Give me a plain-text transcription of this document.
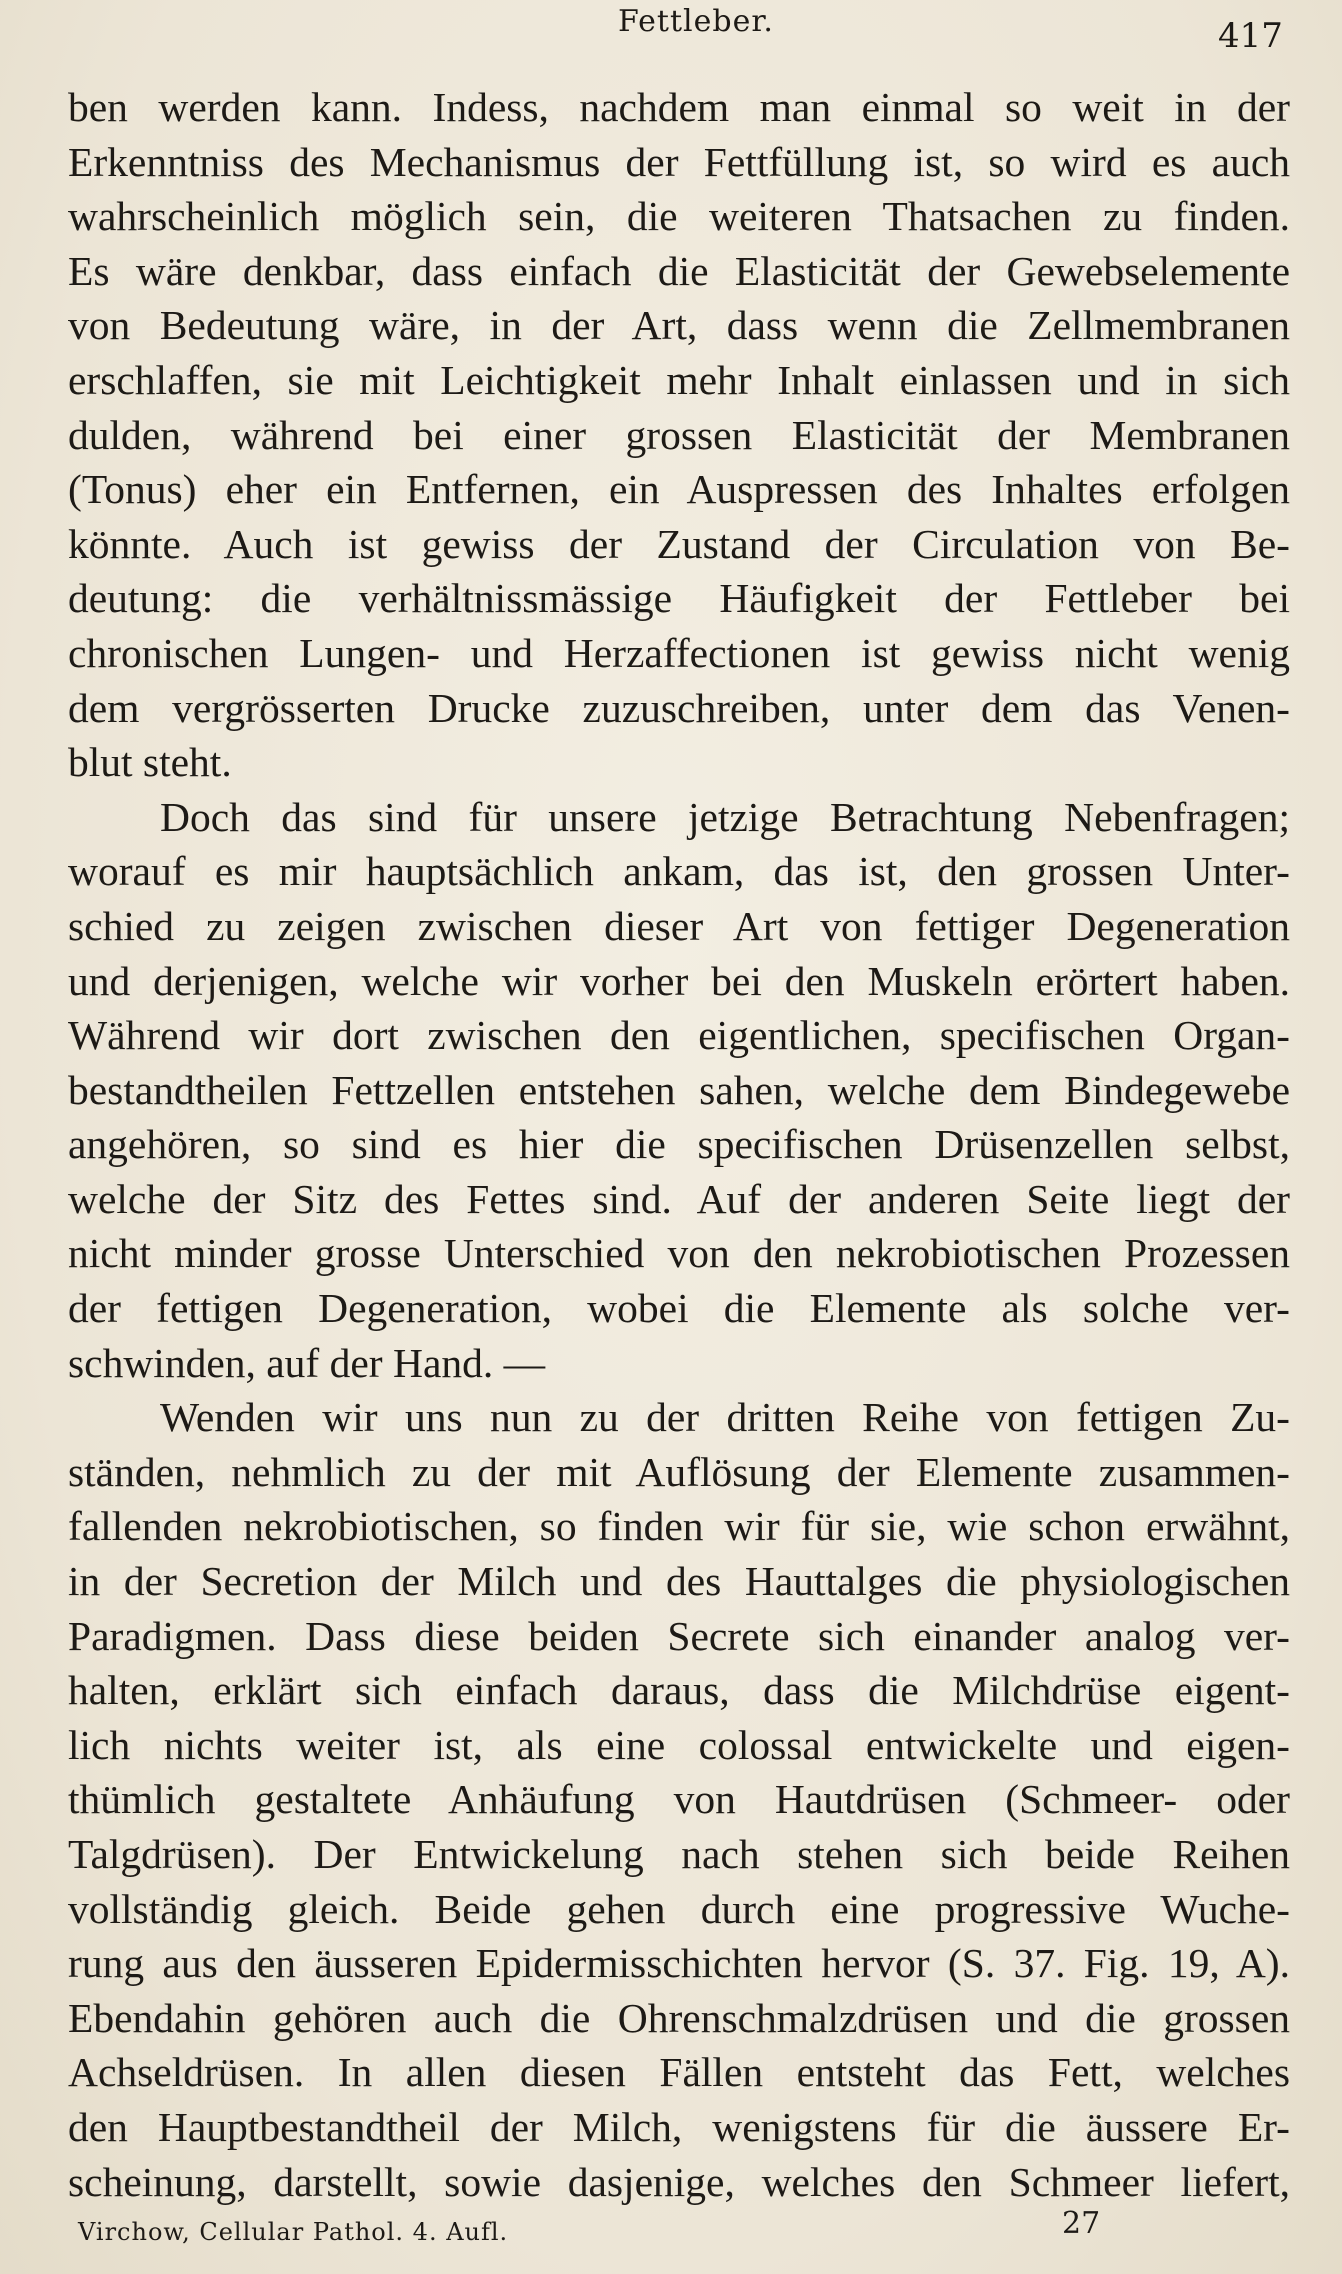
Fettleber.	417
ben werden kann. Indess, nachdem man einmal so weit in der
Erkenntniss des Mechanismus der Fettfüllung ist, so wird es auch
wahrscheinlich möglich sein, die weiteren Thatsachen zu finden.
Es wäre denkbar, dass einfach die Elasticität der Gewebselemente
von Bedeutung wäre, in der Art, dass wenn die Zellmembranen
erschlaffen, sie mit Leichtigkeit mehr Inhalt einlassen und in sich
dulden, während bei einer grossen Elasticität der Membranen
(Tonus) eher ein Entfernen, ein Auspressen des Inhaltes erfolgen
könnte. Auch ist gewiss der Zustand der Circulation von Be-
deutung: die verhältnissmässige Häufigkeit der Fettleber bei
chronischen Lungen- und Herzaffectionen ist gewiss nicht wenig
dem vergrösserten Drucke zuzuschreiben, unter dem das Venen-
blut steht.
Doch das sind für unsere jetzige Betrachtung Nebenfragen;
worauf es mir hauptsächlich ankam, das ist, den grossen Unter-
schied zu zeigen zwischen dieser Art von fettiger Degeneration
und derjenigen, welche wir vorher bei den Muskeln erörtert haben.
Während wir dort zwischen den eigentlichen, specifischen Organ-
bestandtheilen Fettzellen entstehen sahen, welche dem Bindegewebe
angehören, so sind es hier die specifischen Drüsenzellen selbst,
welche der Sitz des Fettes sind. Auf der anderen Seite liegt der
nicht minder grosse Unterschied von den nekrobiotischen Prozessen
der fettigen Degeneration, wobei die Elemente als solche ver-
schwinden, auf der Hand. —
Wenden wir uns nun zu der dritten Reihe von fettigen Zu-
ständen, nehmlich zu der mit Auflösung der Elemente zusammen-
fallenden nekrobiotischen, so finden wir für sie, wie schon erwähnt,
in der Secretion der Milch und des Hauttalges die physiologischen
Paradigmen. Dass diese beiden Secrete sich einander analog ver-
halten, erklärt sich einfach daraus, dass die Milchdrüse eigent-
lich nichts weiter ist, als eine colossal entwickelte und eigen-
thümlich gestaltete Anhäufung von Hautdrüsen (Schmeer- oder
Talgdrüsen). Der Entwickelung nach stehen sich beide Reihen
vollständig gleich. Beide gehen durch eine progressive Wuche-
rung aus den äusseren Epidermisschichten hervor (S. 37. Fig. 19, A).
Ebendahin gehören auch die Ohrenschmalzdrüsen und die grossen
Achseldrüsen. In allen diesen Fällen entsteht das Fett, welches
den Hauptbestandtheil der Milch, wenigstens für die äussere Er-
scheinung, darstellt, sowie dasjenige, welches den Schmeer liefert,
Virchow, Cellular Pathol. 4. Aufl.	27
